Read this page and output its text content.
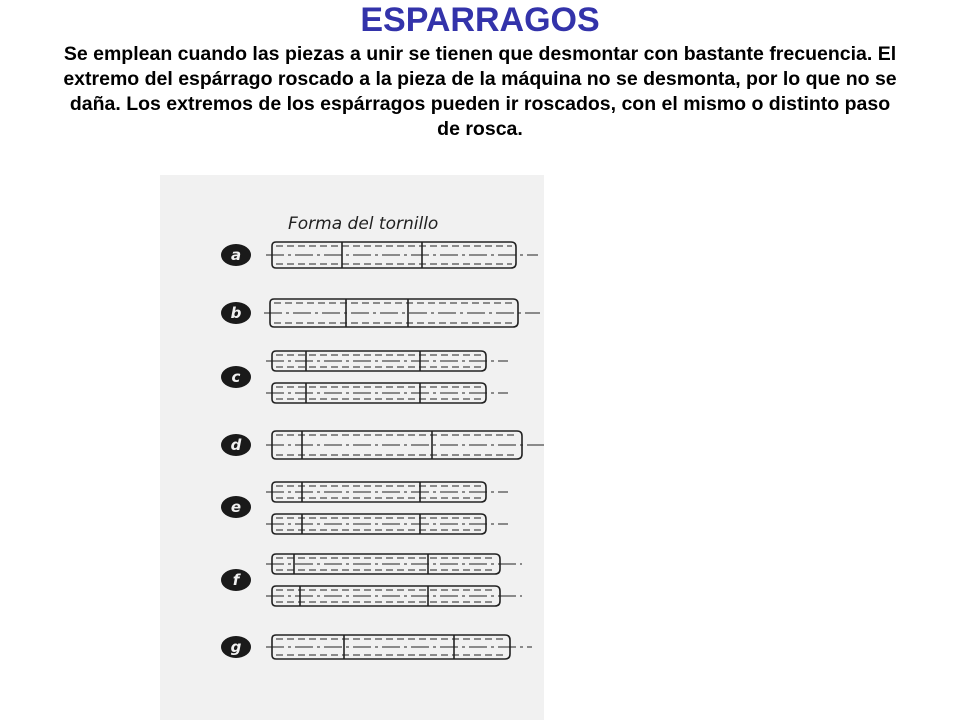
ESPARRAGOS

Se emplean cuando las piezas a unir se tienen que desmontar con bastante frecuencia. El extremo del espárrago roscado a la pieza de la máquina no se desmonta, por lo que no se daña. Los extremos de los espárragos pueden ir roscados, con el mismo o distinto paso de rosca.

Forma del tornillo
a
b
c
d
e
f
g
